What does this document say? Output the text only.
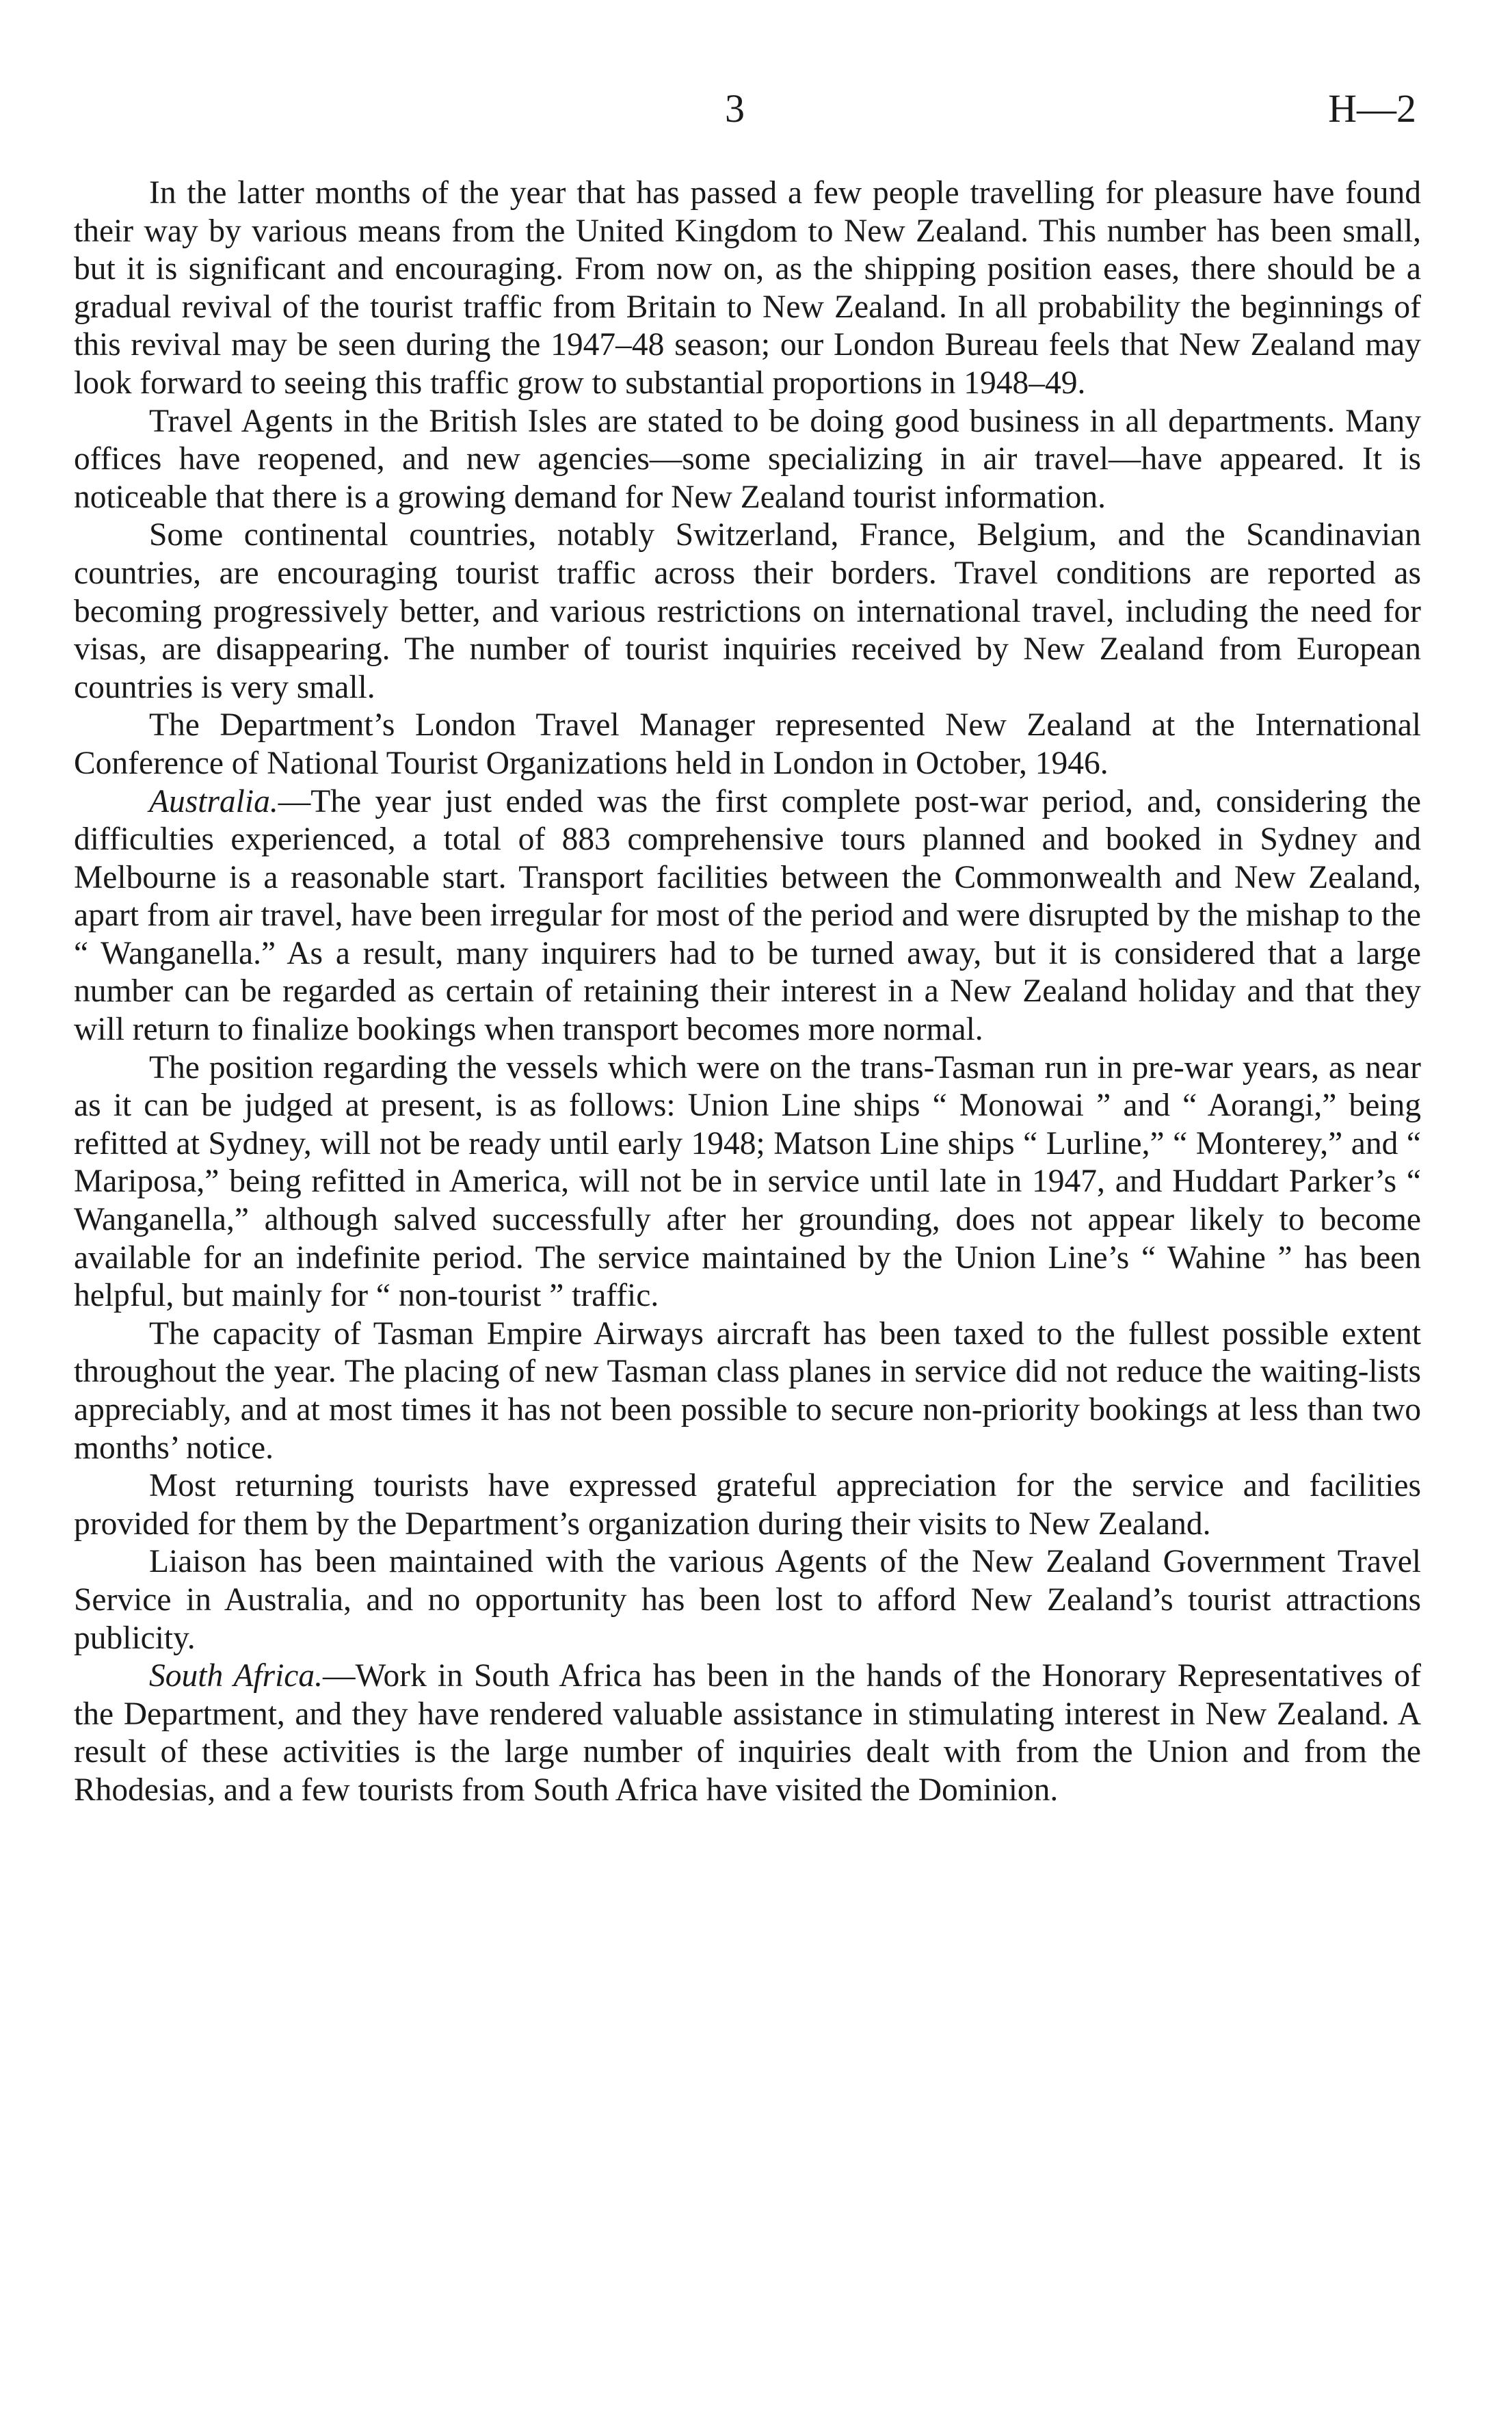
3	H—2

In the latter months of the year that has passed a few people travelling for pleasure have found their way by various means from the United Kingdom to New Zealand. This number has been small, but it is significant and encouraging. From now on, as the shipping position eases, there should be a gradual revival of the tourist traffic from Britain to New Zealand. In all probability the beginnings of this revival may be seen during the 1947–48 season; our London Bureau feels that New Zealand may look forward to seeing this traffic grow to substantial proportions in 1948–49.

Travel Agents in the British Isles are stated to be doing good business in all departments. Many offices have reopened, and new agencies—some specializing in air travel—have appeared. It is noticeable that there is a growing demand for New Zealand tourist information.

Some continental countries, notably Switzerland, France, Belgium, and the Scandinavian countries, are encouraging tourist traffic across their borders. Travel conditions are reported as becoming progressively better, and various restrictions on international travel, including the need for visas, are disappearing. The number of tourist inquiries received by New Zealand from European countries is very small.

The Department’s London Travel Manager represented New Zealand at the International Conference of National Tourist Organizations held in London in October, 1946.

Australia.—The year just ended was the first complete post-war period, and, considering the difficulties experienced, a total of 883 comprehensive tours planned and booked in Sydney and Melbourne is a reasonable start. Transport facilities between the Commonwealth and New Zealand, apart from air travel, have been irregular for most of the period and were disrupted by the mishap to the “ Wanganella.” As a result, many inquirers had to be turned away, but it is considered that a large number can be regarded as certain of retaining their interest in a New Zealand holiday and that they will return to finalize bookings when transport becomes more normal.

The position regarding the vessels which were on the trans-Tasman run in pre-war years, as near as it can be judged at present, is as follows: Union Line ships “ Monowai ” and “ Aorangi,” being refitted at Sydney, will not be ready until early 1948; Matson Line ships “ Lurline,” “ Monterey,” and “ Mariposa,” being refitted in America, will not be in service until late in 1947, and Huddart Parker’s “ Wanganella,” although salved successfully after her grounding, does not appear likely to become available for an indefinite period. The service maintained by the Union Line’s “ Wahine ” has been helpful, but mainly for “ non-tourist ” traffic.

The capacity of Tasman Empire Airways aircraft has been taxed to the fullest possible extent throughout the year. The placing of new Tasman class planes in service did not reduce the waiting-lists appreciably, and at most times it has not been possible to secure non-priority bookings at less than two months’ notice.

Most returning tourists have expressed grateful appreciation for the service and facilities provided for them by the Department’s organization during their visits to New Zealand.

Liaison has been maintained with the various Agents of the New Zealand Government Travel Service in Australia, and no opportunity has been lost to afford New Zealand’s tourist attractions publicity.

South Africa.—Work in South Africa has been in the hands of the Honorary Representatives of the Department, and they have rendered valuable assistance in stimulating interest in New Zealand. A result of these activities is the large number of inquiries dealt with from the Union and from the Rhodesias, and a few tourists from South Africa have visited the Dominion.
